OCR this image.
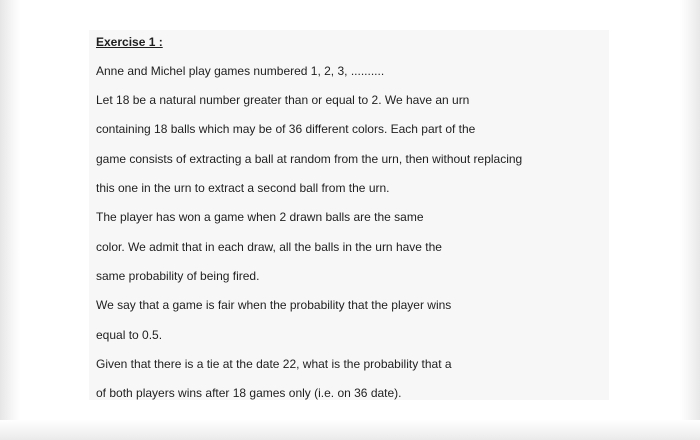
Exercise 1 :
Anne and Michel play games numbered 1, 2, 3, ..........
Let 18 be a natural number greater than or equal to 2. We have an urn
containing 18 balls which may be of 36 different colors. Each part of the
game consists of extracting a ball at random from the urn, then without replacing
this one in the urn to extract a second ball from the urn.
The player has won a game when 2 drawn balls are the same
color. We admit that in each draw, all the balls in the urn have the
same probability of being fired.
We say that a game is fair when the probability that the player wins
equal to 0.5.
Given that there is a tie at the date 22, what is the probability that a
of both players wins after 18 games only (i.e. on 36 date).
